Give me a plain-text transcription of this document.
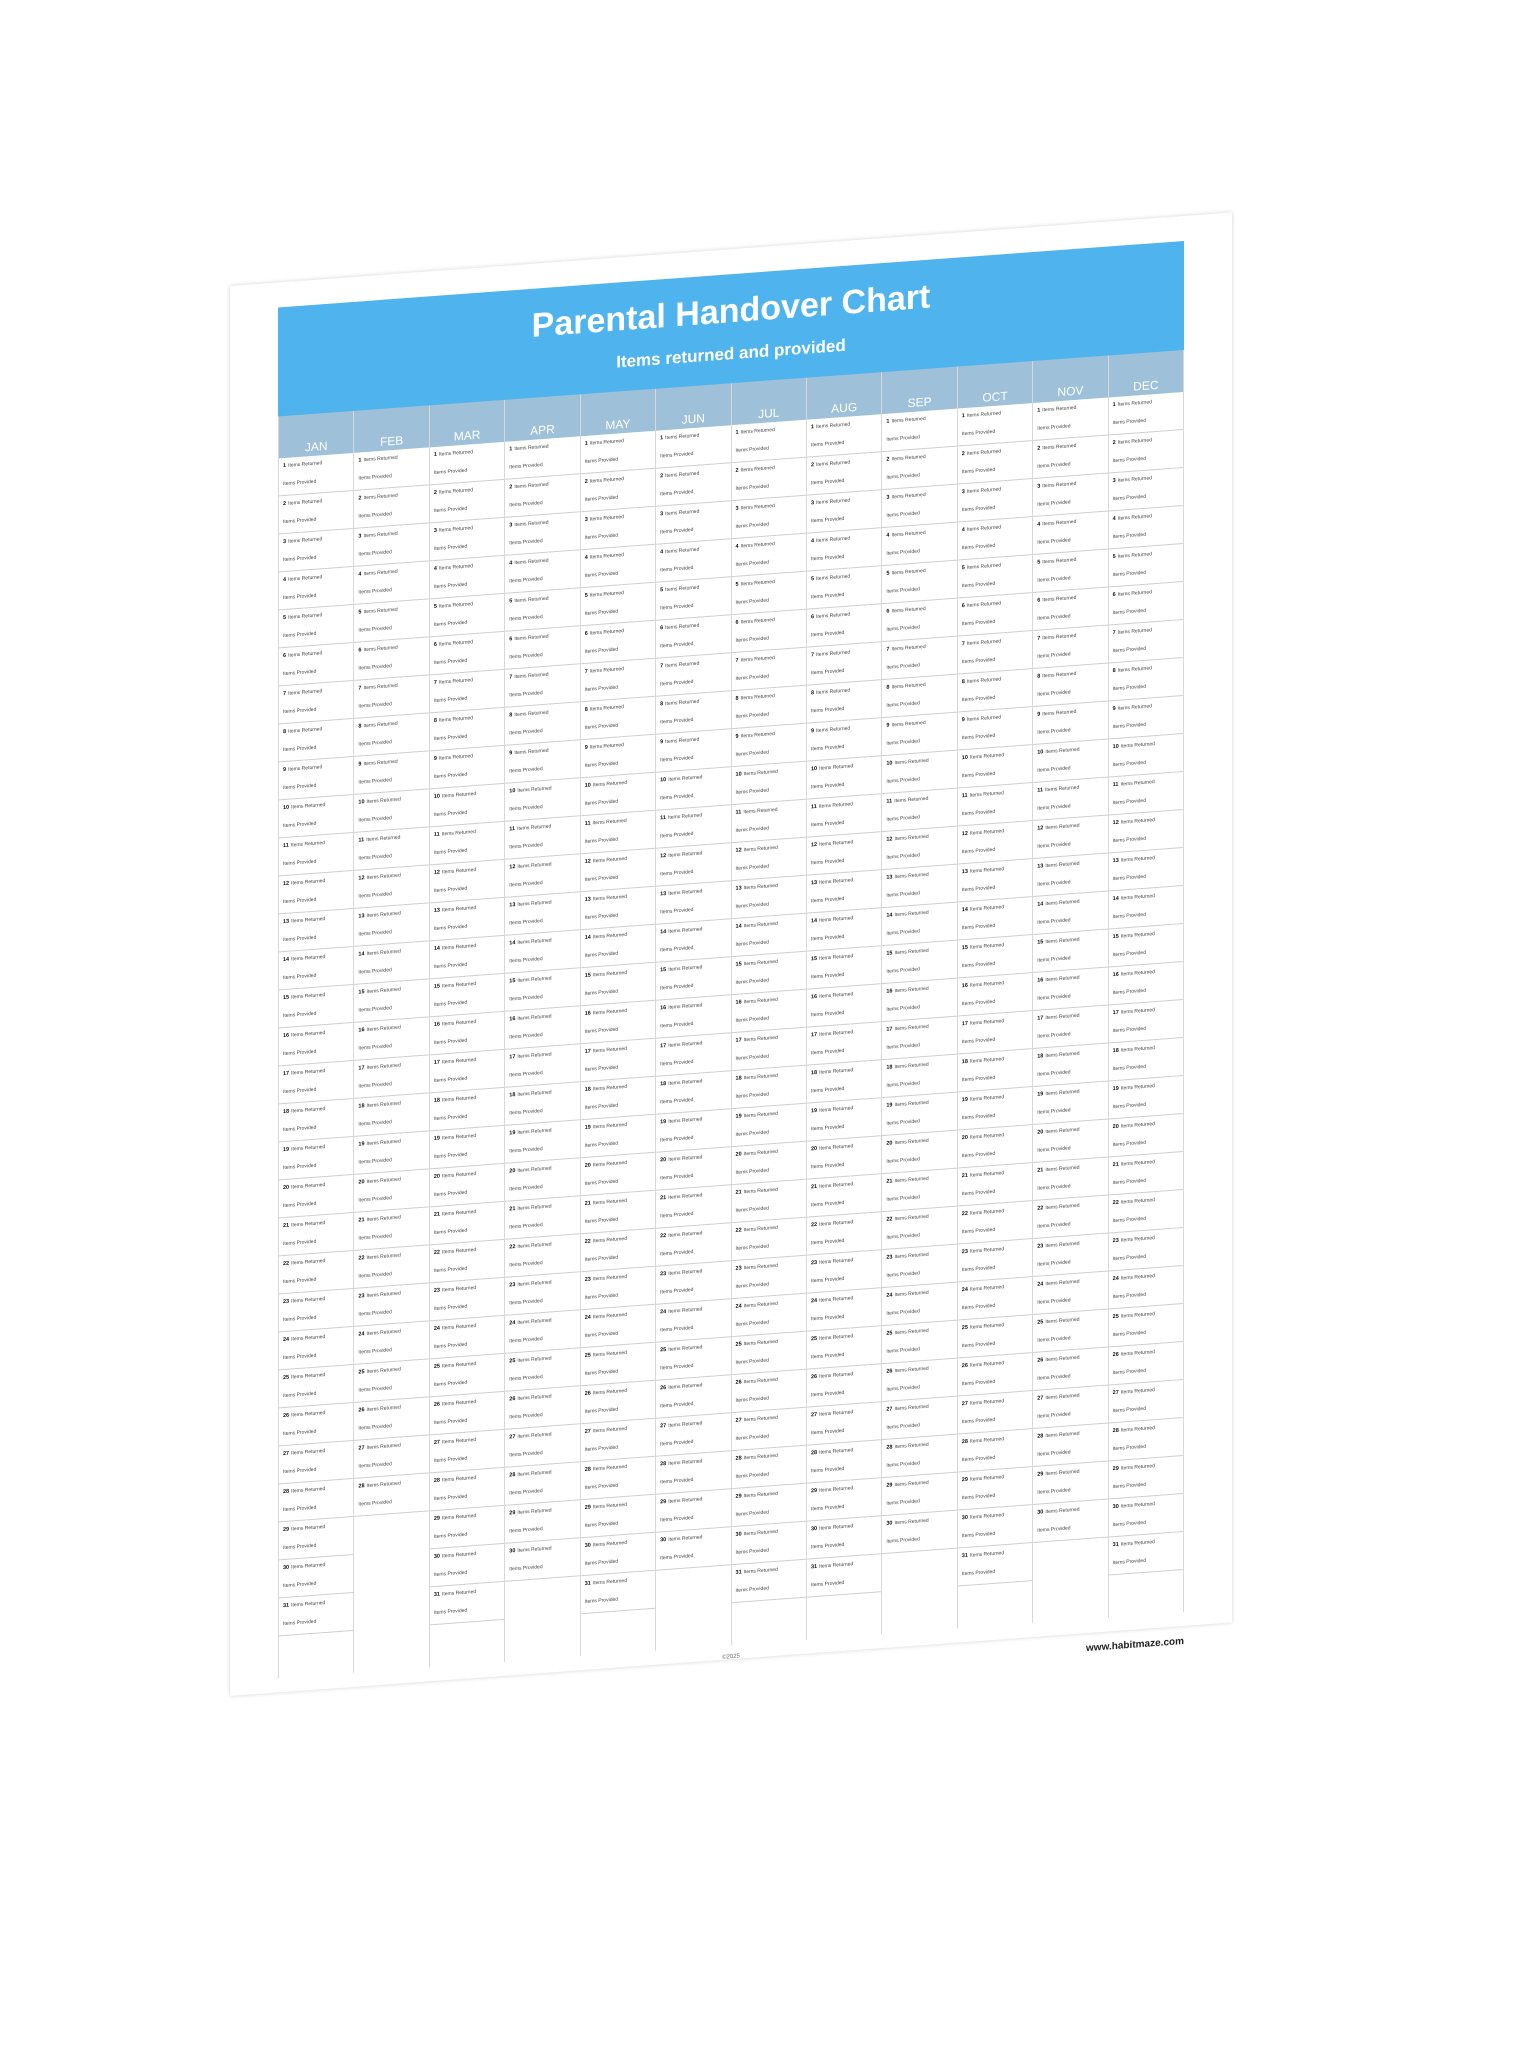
Parental Handover Chart
Items returned and provided
JAN
1 Items Returned
Items Provided
2 Items Returned
Items Provided
3 Items Returned
Items Provided
4 Items Returned
Items Provided
5 Items Returned
Items Provided
6 Items Returned
Items Provided
7 Items Returned
Items Provided
8 Items Returned
Items Provided
9 Items Returned
Items Provided
10 Items Returned
Items Provided
11 Items Returned
Items Provided
12 Items Returned
Items Provided
13 Items Returned
Items Provided
14 Items Returned
Items Provided
15 Items Returned
Items Provided
16 Items Returned
Items Provided
17 Items Returned
Items Provided
18 Items Returned
Items Provided
19 Items Returned
Items Provided
20 Items Returned
Items Provided
21 Items Returned
Items Provided
22 Items Returned
Items Provided
23 Items Returned
Items Provided
24 Items Returned
Items Provided
25 Items Returned
Items Provided
26 Items Returned
Items Provided
27 Items Returned
Items Provided
28 Items Returned
Items Provided
29 Items Returned
Items Provided
30 Items Returned
Items Provided
31 Items Returned
Items Provided
FEB
1 Items Returned
Items Provided
2 Items Returned
Items Provided
3 Items Returned
Items Provided
4 Items Returned
Items Provided
5 Items Returned
Items Provided
6 Items Returned
Items Provided
7 Items Returned
Items Provided
8 Items Returned
Items Provided
9 Items Returned
Items Provided
10 Items Returned
Items Provided
11 Items Returned
Items Provided
12 Items Returned
Items Provided
13 Items Returned
Items Provided
14 Items Returned
Items Provided
15 Items Returned
Items Provided
16 Items Returned
Items Provided
17 Items Returned
Items Provided
18 Items Returned
Items Provided
19 Items Returned
Items Provided
20 Items Returned
Items Provided
21 Items Returned
Items Provided
22 Items Returned
Items Provided
23 Items Returned
Items Provided
24 Items Returned
Items Provided
25 Items Returned
Items Provided
26 Items Returned
Items Provided
27 Items Returned
Items Provided
28 Items Returned
Items Provided
MAR
1 Items Returned
Items Provided
2 Items Returned
Items Provided
3 Items Returned
Items Provided
4 Items Returned
Items Provided
5 Items Returned
Items Provided
6 Items Returned
Items Provided
7 Items Returned
Items Provided
8 Items Returned
Items Provided
9 Items Returned
Items Provided
10 Items Returned
Items Provided
11 Items Returned
Items Provided
12 Items Returned
Items Provided
13 Items Returned
Items Provided
14 Items Returned
Items Provided
15 Items Returned
Items Provided
16 Items Returned
Items Provided
17 Items Returned
Items Provided
18 Items Returned
Items Provided
19 Items Returned
Items Provided
20 Items Returned
Items Provided
21 Items Returned
Items Provided
22 Items Returned
Items Provided
23 Items Returned
Items Provided
24 Items Returned
Items Provided
25 Items Returned
Items Provided
26 Items Returned
Items Provided
27 Items Returned
Items Provided
28 Items Returned
Items Provided
29 Items Returned
Items Provided
30 Items Returned
Items Provided
31 Items Returned
Items Provided
APR
1 Items Returned
Items Provided
2 Items Returned
Items Provided
3 Items Returned
Items Provided
4 Items Returned
Items Provided
5 Items Returned
Items Provided
6 Items Returned
Items Provided
7 Items Returned
Items Provided
8 Items Returned
Items Provided
9 Items Returned
Items Provided
10 Items Returned
Items Provided
11 Items Returned
Items Provided
12 Items Returned
Items Provided
13 Items Returned
Items Provided
14 Items Returned
Items Provided
15 Items Returned
Items Provided
16 Items Returned
Items Provided
17 Items Returned
Items Provided
18 Items Returned
Items Provided
19 Items Returned
Items Provided
20 Items Returned
Items Provided
21 Items Returned
Items Provided
22 Items Returned
Items Provided
23 Items Returned
Items Provided
24 Items Returned
Items Provided
25 Items Returned
Items Provided
26 Items Returned
Items Provided
27 Items Returned
Items Provided
28 Items Returned
Items Provided
29 Items Returned
Items Provided
30 Items Returned
Items Provided
MAY
1 Items Returned
Items Provided
2 Items Returned
Items Provided
3 Items Returned
Items Provided
4 Items Returned
Items Provided
5 Items Returned
Items Provided
6 Items Returned
Items Provided
7 Items Returned
Items Provided
8 Items Returned
Items Provided
9 Items Returned
Items Provided
10 Items Returned
Items Provided
11 Items Returned
Items Provided
12 Items Returned
Items Provided
13 Items Returned
Items Provided
14 Items Returned
Items Provided
15 Items Returned
Items Provided
16 Items Returned
Items Provided
17 Items Returned
Items Provided
18 Items Returned
Items Provided
19 Items Returned
Items Provided
20 Items Returned
Items Provided
21 Items Returned
Items Provided
22 Items Returned
Items Provided
23 Items Returned
Items Provided
24 Items Returned
Items Provided
25 Items Returned
Items Provided
26 Items Returned
Items Provided
27 Items Returned
Items Provided
28 Items Returned
Items Provided
29 Items Returned
Items Provided
30 Items Returned
Items Provided
31 Items Returned
Items Provided
JUN
1 Items Returned
Items Provided
2 Items Returned
Items Provided
3 Items Returned
Items Provided
4 Items Returned
Items Provided
5 Items Returned
Items Provided
6 Items Returned
Items Provided
7 Items Returned
Items Provided
8 Items Returned
Items Provided
9 Items Returned
Items Provided
10 Items Returned
Items Provided
11 Items Returned
Items Provided
12 Items Returned
Items Provided
13 Items Returned
Items Provided
14 Items Returned
Items Provided
15 Items Returned
Items Provided
16 Items Returned
Items Provided
17 Items Returned
Items Provided
18 Items Returned
Items Provided
19 Items Returned
Items Provided
20 Items Returned
Items Provided
21 Items Returned
Items Provided
22 Items Returned
Items Provided
23 Items Returned
Items Provided
24 Items Returned
Items Provided
25 Items Returned
Items Provided
26 Items Returned
Items Provided
27 Items Returned
Items Provided
28 Items Returned
Items Provided
29 Items Returned
Items Provided
30 Items Returned
Items Provided
JUL
1 Items Returned
Items Provided
2 Items Returned
Items Provided
3 Items Returned
Items Provided
4 Items Returned
Items Provided
5 Items Returned
Items Provided
6 Items Returned
Items Provided
7 Items Returned
Items Provided
8 Items Returned
Items Provided
9 Items Returned
Items Provided
10 Items Returned
Items Provided
11 Items Returned
Items Provided
12 Items Returned
Items Provided
13 Items Returned
Items Provided
14 Items Returned
Items Provided
15 Items Returned
Items Provided
16 Items Returned
Items Provided
17 Items Returned
Items Provided
18 Items Returned
Items Provided
19 Items Returned
Items Provided
20 Items Returned
Items Provided
21 Items Returned
Items Provided
22 Items Returned
Items Provided
23 Items Returned
Items Provided
24 Items Returned
Items Provided
25 Items Returned
Items Provided
26 Items Returned
Items Provided
27 Items Returned
Items Provided
28 Items Returned
Items Provided
29 Items Returned
Items Provided
30 Items Returned
Items Provided
31 Items Returned
Items Provided
AUG
1 Items Returned
Items Provided
2 Items Returned
Items Provided
3 Items Returned
Items Provided
4 Items Returned
Items Provided
5 Items Returned
Items Provided
6 Items Returned
Items Provided
7 Items Returned
Items Provided
8 Items Returned
Items Provided
9 Items Returned
Items Provided
10 Items Returned
Items Provided
11 Items Returned
Items Provided
12 Items Returned
Items Provided
13 Items Returned
Items Provided
14 Items Returned
Items Provided
15 Items Returned
Items Provided
16 Items Returned
Items Provided
17 Items Returned
Items Provided
18 Items Returned
Items Provided
19 Items Returned
Items Provided
20 Items Returned
Items Provided
21 Items Returned
Items Provided
22 Items Returned
Items Provided
23 Items Returned
Items Provided
24 Items Returned
Items Provided
25 Items Returned
Items Provided
26 Items Returned
Items Provided
27 Items Returned
Items Provided
28 Items Returned
Items Provided
29 Items Returned
Items Provided
30 Items Returned
Items Provided
31 Items Returned
Items Provided
SEP
1 Items Returned
Items Provided
2 Items Returned
Items Provided
3 Items Returned
Items Provided
4 Items Returned
Items Provided
5 Items Returned
Items Provided
6 Items Returned
Items Provided
7 Items Returned
Items Provided
8 Items Returned
Items Provided
9 Items Returned
Items Provided
10 Items Returned
Items Provided
11 Items Returned
Items Provided
12 Items Returned
Items Provided
13 Items Returned
Items Provided
14 Items Returned
Items Provided
15 Items Returned
Items Provided
16 Items Returned
Items Provided
17 Items Returned
Items Provided
18 Items Returned
Items Provided
19 Items Returned
Items Provided
20 Items Returned
Items Provided
21 Items Returned
Items Provided
22 Items Returned
Items Provided
23 Items Returned
Items Provided
24 Items Returned
Items Provided
25 Items Returned
Items Provided
26 Items Returned
Items Provided
27 Items Returned
Items Provided
28 Items Returned
Items Provided
29 Items Returned
Items Provided
30 Items Returned
Items Provided
OCT
1 Items Returned
Items Provided
2 Items Returned
Items Provided
3 Items Returned
Items Provided
4 Items Returned
Items Provided
5 Items Returned
Items Provided
6 Items Returned
Items Provided
7 Items Returned
Items Provided
8 Items Returned
Items Provided
9 Items Returned
Items Provided
10 Items Returned
Items Provided
11 Items Returned
Items Provided
12 Items Returned
Items Provided
13 Items Returned
Items Provided
14 Items Returned
Items Provided
15 Items Returned
Items Provided
16 Items Returned
Items Provided
17 Items Returned
Items Provided
18 Items Returned
Items Provided
19 Items Returned
Items Provided
20 Items Returned
Items Provided
21 Items Returned
Items Provided
22 Items Returned
Items Provided
23 Items Returned
Items Provided
24 Items Returned
Items Provided
25 Items Returned
Items Provided
26 Items Returned
Items Provided
27 Items Returned
Items Provided
28 Items Returned
Items Provided
29 Items Returned
Items Provided
30 Items Returned
Items Provided
31 Items Returned
Items Provided
NOV
1 Items Returned
Items Provided
2 Items Returned
Items Provided
3 Items Returned
Items Provided
4 Items Returned
Items Provided
5 Items Returned
Items Provided
6 Items Returned
Items Provided
7 Items Returned
Items Provided
8 Items Returned
Items Provided
9 Items Returned
Items Provided
10 Items Returned
Items Provided
11 Items Returned
Items Provided
12 Items Returned
Items Provided
13 Items Returned
Items Provided
14 Items Returned
Items Provided
15 Items Returned
Items Provided
16 Items Returned
Items Provided
17 Items Returned
Items Provided
18 Items Returned
Items Provided
19 Items Returned
Items Provided
20 Items Returned
Items Provided
21 Items Returned
Items Provided
22 Items Returned
Items Provided
23 Items Returned
Items Provided
24 Items Returned
Items Provided
25 Items Returned
Items Provided
26 Items Returned
Items Provided
27 Items Returned
Items Provided
28 Items Returned
Items Provided
29 Items Returned
Items Provided
30 Items Returned
Items Provided
DEC
1 Items Returned
Items Provided
2 Items Returned
Items Provided
3 Items Returned
Items Provided
4 Items Returned
Items Provided
5 Items Returned
Items Provided
6 Items Returned
Items Provided
7 Items Returned
Items Provided
8 Items Returned
Items Provided
9 Items Returned
Items Provided
10 Items Returned
Items Provided
11 Items Returned
Items Provided
12 Items Returned
Items Provided
13 Items Returned
Items Provided
14 Items Returned
Items Provided
15 Items Returned
Items Provided
16 Items Returned
Items Provided
17 Items Returned
Items Provided
18 Items Returned
Items Provided
19 Items Returned
Items Provided
20 Items Returned
Items Provided
21 Items Returned
Items Provided
22 Items Returned
Items Provided
23 Items Returned
Items Provided
24 Items Returned
Items Provided
25 Items Returned
Items Provided
26 Items Returned
Items Provided
27 Items Returned
Items Provided
28 Items Returned
Items Provided
29 Items Returned
Items Provided
30 Items Returned
Items Provided
31 Items Returned
Items Provided
©2025
www.habitmaze.com
